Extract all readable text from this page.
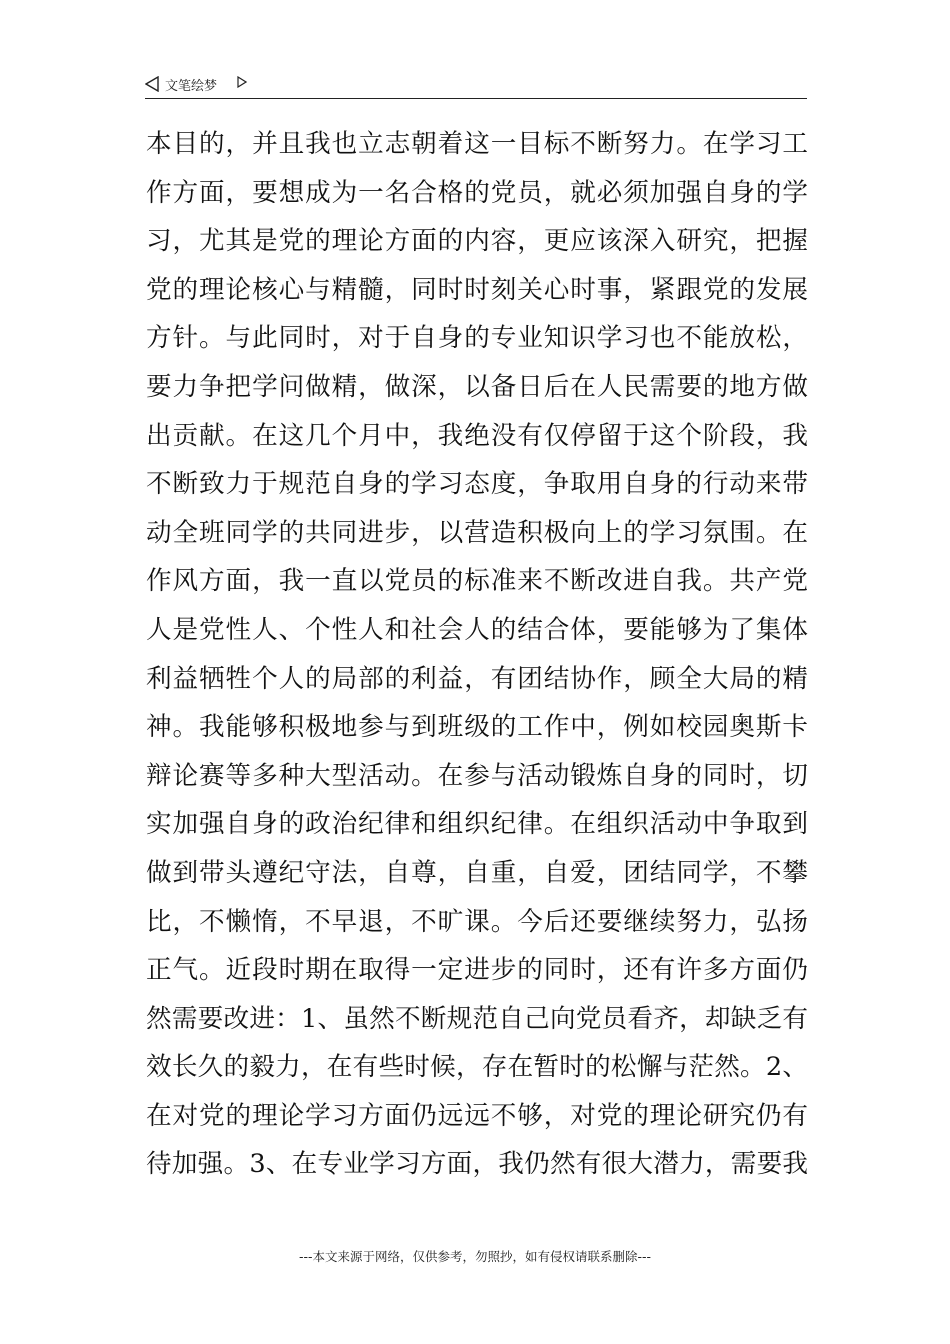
文笔绘梦
本目的，并且我也立志朝着这一目标不断努力。在学习工
作方面，要想成为一名合格的党员，就必须加强自身的学
习，尤其是党的理论方面的内容，更应该深入研究，把握
党的理论核心与精髓，同时时刻关心时事，紧跟党的发展
方针。与此同时，对于自身的专业知识学习也不能放松，
要力争把学问做精，做深，以备日后在人民需要的地方做
出贡献。在这几个月中，我绝没有仅停留于这个阶段，我
不断致力于规范自身的学习态度，争取用自身的行动来带
动全班同学的共同进步，以营造积极向上的学习氛围。在
作风方面，我一直以党员的标准来不断改进自我。共产党
人是党性人、个性人和社会人的结合体，要能够为了集体
利益牺牲个人的局部的利益，有团结协作，顾全大局的精
神。我能够积极地参与到班级的工作中，例如校园奥斯卡
辩论赛等多种大型活动。在参与活动锻炼自身的同时，切
实加强自身的政治纪律和组织纪律。在组织活动中争取到
做到带头遵纪守法，自尊，自重，自爱，团结同学，不攀
比，不懒惰，不早退，不旷课。今后还要继续努力，弘扬
正气。近段时期在取得一定进步的同时，还有许多方面仍
然需要改进：1、虽然不断规范自己向党员看齐，却缺乏有
效长久的毅力，在有些时候，存在暂时的松懈与茫然。2、
在对党的理论学习方面仍远远不够，对党的理论研究仍有
待加强。3、在专业学习方面，我仍然有很大潜力，需要我
---本文来源于网络，仅供参考，勿照抄，如有侵权请联系删除---
